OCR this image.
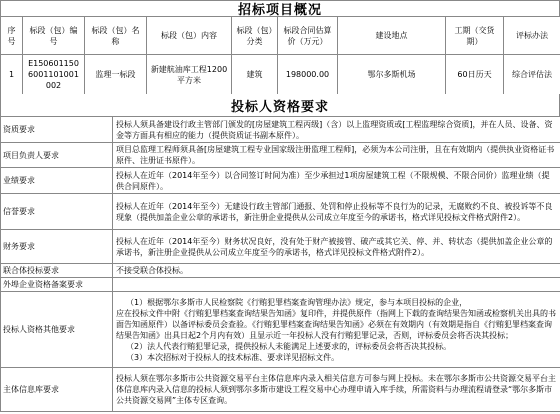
招标项目概况
序号	标段（包）编号	标段（包）名称	标段（包）内容	标段（包）分类	标段合同估算价（万元）	建设地点	工期（交货期）	评标办法
1	E1506011506001101001002	监理一标段	新建航油库工程1200平方米	建筑	198000.00	鄂尔多斯机场	60日历天	综合评估法
投标人资格要求
资质要求	投标人须具备建设行政主管部门颁发的[房屋建筑工程丙级]（含）以上监理资质或[工程监理综合资质]，并在人员、设备、资金等方面具有相应的能力（提供资质证书副本原件）。
项目负责人要求	项目总监理工程师须具备[房屋建筑工程专业国家级注册监理工程师]，必须为本公司注册，且在有效期内（提供执业资格证书原件、注册证书原件）。
业绩要求	投标人在近年（2014年至今）以合同签订时间为准）至少承担过1项房屋建筑工程（不限规模、不限合同价）监理业绩（提供合同原件）。
信誉要求	投标人在近年（2014年至今）无建设行政主管部门通报、处罚和停止投标等不良行为的记录，无腐败约不良、被投诉等不良现象（提供加盖企业公章的承诺书，新注册企业提供从公司成立年度至今的承诺书，格式详见投标文件格式附件2）。
财务要求	投标人在近年（2014年至今）财务状况良好，没有处于财产被接管、破产或其它关、停、并、转状态（提供加盖企业公章的承诺书，新注册企业提供从公司成立年度至今的承诺书，格式详见投标文件格式附件2）。
联合体投标要求	不接受联合体投标。
外埠企业资格备案要求	
投标人资格其他要求	（1）根据鄂尔多斯市人民检察院《行贿犯罪档案查询管理办法》规定，参与本项目投标的企业，
应在投标文件中附《行贿犯罪档案查询结果告知函》复印件，并提供原件（指网上下载的查询结果告知函或检察机关出具的书面告知函原件）以备评标委员会查验。《行贿犯罪档案查询结果告知函》必须在有效期内（有效期是指自《行贿犯罪档案查询结果告知函》出具日起2个月内有效）且显示近一年投标人没有行贿犯罪记录，否则，评标委员会将否决其投标；
（2）法人代表行贿犯罪记录，提供投标人未能满足上述要求的，评标委员会将否决其投标。
（3）本次招标对于投标人的技术标准、要求详见招标文件。

主体信息库要求	投标人须在鄂尔多斯市公共资源交易平台主体信息库内录入相关信息方可参与网上投标。未在鄂尔多斯市公共资源交易平台主体信息库内录入信息的投标人须到鄂尔多斯市建设工程交易中心办理申请入库手续，所需资料与办理流程请登录“鄂尔多斯市公共资源交易网”主体专区查询。
